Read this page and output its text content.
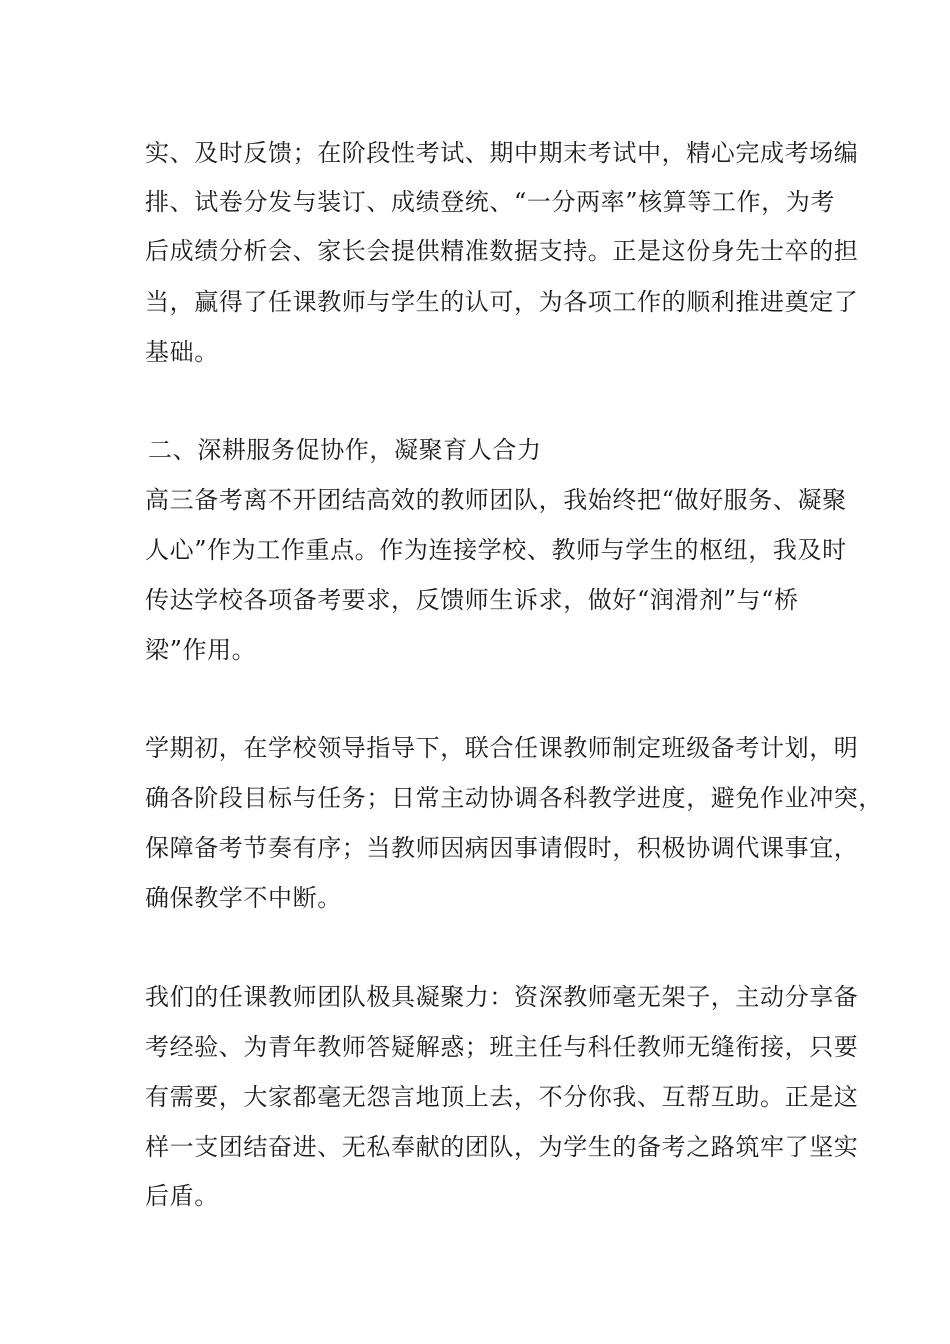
实、及时反馈；在阶段性考试、期中期末考试中，精心完成考场编
排、试卷分发与装订、成绩登统、“一分两率”核算等工作，为考
后成绩分析会、家长会提供精准数据支持。正是这份身先士卒的担
当，赢得了任课教师与学生的认可，为各项工作的顺利推进奠定了
基础。
二、深耕服务促协作，凝聚育人合力
高三备考离不开团结高效的教师团队，我始终把“做好服务、凝聚
人心”作为工作重点。作为连接学校、教师与学生的枢纽，我及时
传达学校各项备考要求，反馈师生诉求，做好“润滑剂”与“桥
梁”作用。
学期初，在学校领导指导下，联合任课教师制定班级备考计划，明
确各阶段目标与任务；日常主动协调各科教学进度，避免作业冲突，
保障备考节奏有序；当教师因病因事请假时，积极协调代课事宜，
确保教学不中断。
我们的任课教师团队极具凝聚力：资深教师毫无架子，主动分享备
考经验、为青年教师答疑解惑；班主任与科任教师无缝衔接，只要
有需要，大家都毫无怨言地顶上去，不分你我、互帮互助。正是这
样一支团结奋进、无私奉献的团队，为学生的备考之路筑牢了坚实
后盾。
